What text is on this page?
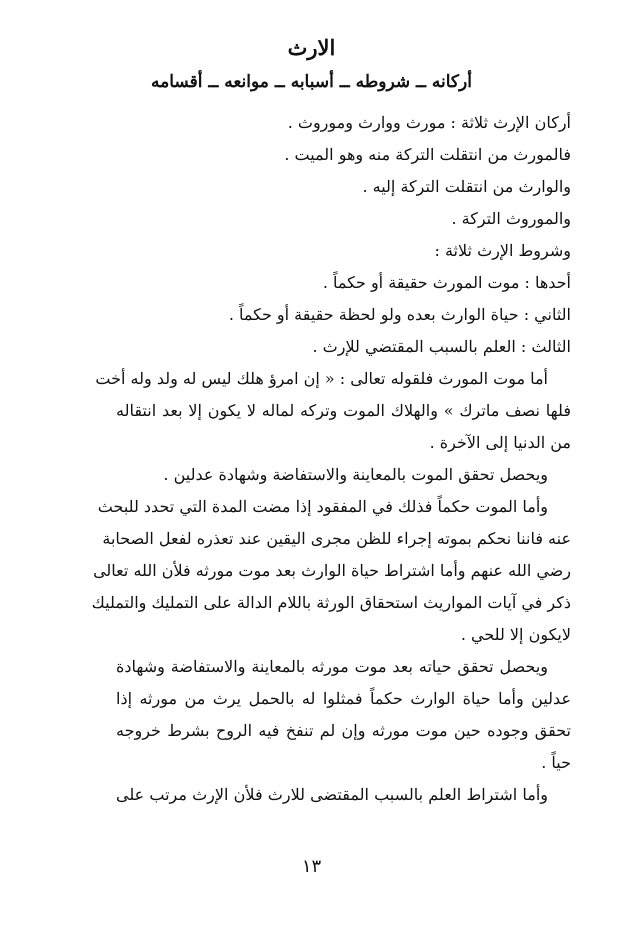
الارث
أركانه ــ شروطه ــ أسبابه ــ موانعه ــ أقسامه
أركان الإرث ثلاثة : مورث ووارث وموروث .
فالمورث من انتقلت التركة منه وهو الميت .
والوارث من انتقلت التركة إليه .
والموروث التركة .
وشروط الإرث ثلاثة :
أحدها : موت المورث حقيقة أو حكماً .
الثاني : حياة الوارث بعده ولو لحظة حقيقة أو حكماً .
الثالث : العلم بالسبب المقتضي للإرث .
أما موت المورث فلقوله تعالى : « إن امرؤ هلك ليس له ولد وله أخت
فلها نصف ماترك » والهلاك الموت وتركه لماله لا يكون إلا بعد انتقاله
من الدنيا إلى الآخرة .
ويحصل تحقق الموت بالمعاينة والاستفاضة وشهادة عدلين .
وأما الموت حكماً فذلك في المفقود إذا مضت المدة التي تحدد للبحث
عنه فاننا نحكم بموته إجراء للظن مجرى اليقين عند تعذره لفعل الصحابة
رضي الله عنهم وأما اشتراط حياة الوارث بعد موت مورثه فلأن الله تعالى
ذكر في آيات المواريث استحقاق الورثة باللام الدالة على التمليك والتمليك
لايكون إلا للحي .
ويحصل تحقق حياته بعد موت مورثه بالمعاينة والاستفاضة وشهادة
عدلين وأما حياة الوارث حكماً فمثلوا له بالحمل يرث من مورثه إذا
تحقق وجوده حين موت مورثه وإن لم تنفخ فيه الروح بشرط خروجه
حياً .
وأما اشتراط العلم بالسبب المقتضى للارث فلأن الإرث مرتب على
١٣
